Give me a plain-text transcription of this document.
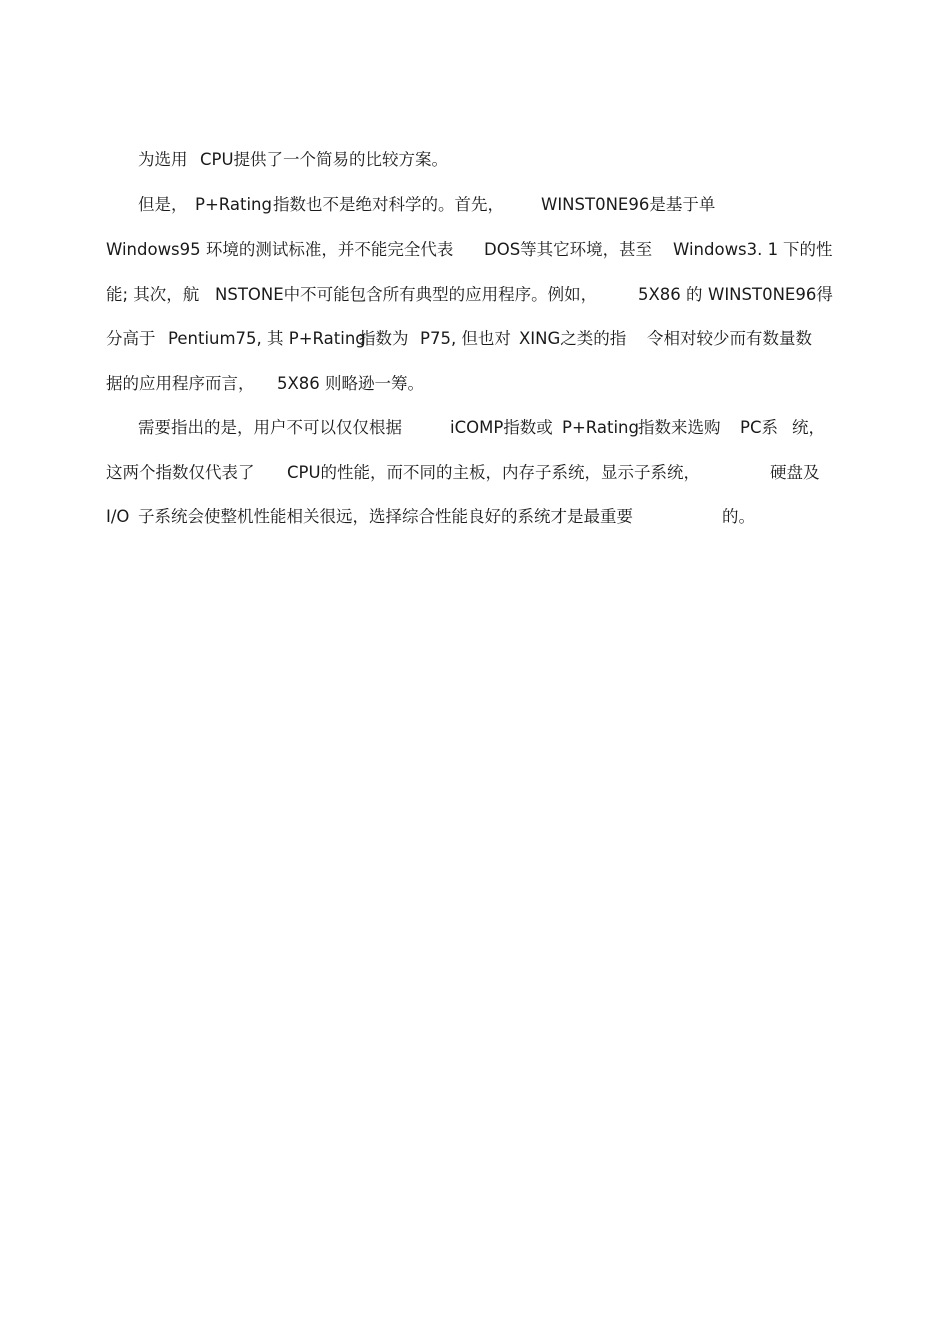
为选用 CPU提供了一个简易的比较方案。
但是， P+Rating 指数也不是绝对科学的。首先， WINST0NE96是基于单
Windows95 环境的测试标准，并不能完全代表 DOS等其它环境，甚至 Windows3. 1 下的性
能; 其次，航 NSTONE中不可能包含所有典型的应用程序。例如， 5X86 的 WINST0NE96得
分高于 Pentium75, 其 P+Rating
指数为 P75, 但也对 XING之类的指 令相对较少而有数量数
据的应用程序而言， 5X86 则略逊一筹。
需要指出的是，用户不可以仅仅根据	iCOMP指数或 P+Rating 指数来选购 PC系 统，
这两个指数仅代表了 CPU的性能，而不同的主板，内存子系统，显示子系统，	硬盘及
I/O 子系统会使整机性能相关很远，选择综合性能良好的系统才是最重要	的。
